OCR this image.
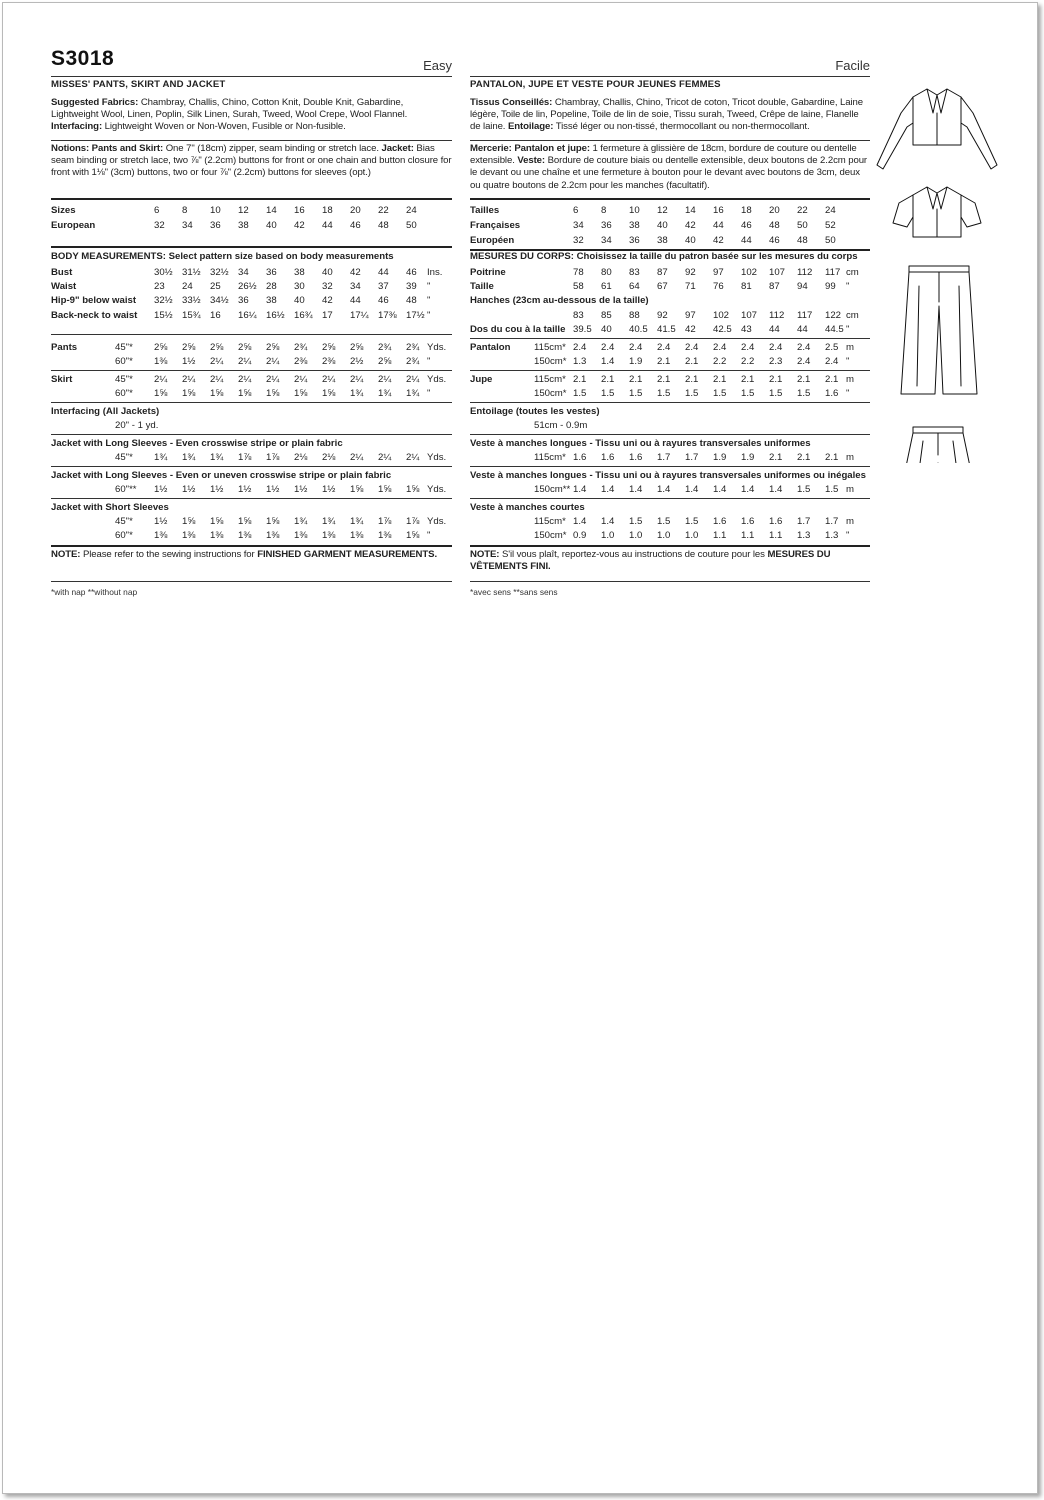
S3018	Easy
MISSES' PANTS, SKIRT AND JACKET
Suggested Fabrics: Chambray, Challis, Chino, Cotton Knit, Double Knit, Gabardine, Lightweight Wool, Linen, Poplin, Silk Linen, Surah, Tweed, Wool Crepe, Wool Flannel. Interfacing: Lightweight Woven or Non-Woven, Fusible or Non-fusible.
Notions: Pants and Skirt: One 7" (18cm) zipper, seam binding or stretch lace. Jacket: Bias seam binding or stretch lace, two ⅞" (2.2cm) buttons for front or one chain and button closure for front with 1⅛" (3cm) buttons, two or four ⅞" (2.2cm) buttons for sleeves (opt.)
Sizes	6	8	10	12	14	16	18	20	22	24
European	32	34	36	38	40	42	44	46	48	50
BODY MEASUREMENTS: Select pattern size based on body measurements
Bust	30½ 31½ 32½ 34	36	38	40	42	44	46	Ins.
Waist	23	24	25	26½ 28	30	32	34	37	39	"
Hip-9" below waist 32½ 33½ 34½ 36	38	40	42	44	46	48	"
Back-neck to waist 15½ 15¾ 16	16¼ 16½ 16¾ 17	17¼ 17⅜ 17½ "
Pants	45"* 2⅝	2⅝	2⅝	2⅝	2⅝	2¾	2⅝	2⅝	2¾	2¾ Yds.
60"* 1⅜	1½	2¼	2¼	2¼	2⅜	2⅜	2½	2⅝	2¾ "
Skirt	45"* 2¼	2¼	2¼	2¼	2¼	2¼	2¼	2¼	2¼	2¼ Yds.
60"* 1⅝	1⅝	1⅝	1⅝	1⅝	1⅝	1⅝	1¾	1¾	1¾ "
Interfacing (All Jackets)
20" - 1 yd.
Jacket with Long Sleeves - Even crosswise stripe or plain fabric
45"* 1¾	1¾	1¾	1⅞	1⅞	2⅛	2⅛	2¼	2¼	2¼ Yds.
Jacket with Long Sleeves - Even or uneven crosswise stripe or plain fabric
60"** 1½	1½	1½	1½	1½	1½	1½	1⅝	1⅝	1⅝ Yds.
Jacket with Short Sleeves
45"* 1½	1⅝	1⅝	1⅝	1⅝	1¾	1¾	1¾	1⅞	1⅞ Yds.
60"* 1⅜	1⅜	1⅜	1⅜	1⅜	1⅜	1⅜	1⅜	1⅜	1⅝ "
NOTE: Please refer to the sewing instructions for FINISHED GARMENT MEASUREMENTS.
*with nap **without nap
Facile
PANTALON, JUPE ET VESTE POUR JEUNES FEMMES
Tissus Conseillés: Chambray, Challis, Chino, Tricot de coton, Tricot double, Gabardine, Laine légère, Toile de lin, Popeline, Toile de lin de soie, Tissu surah, Tweed, Crêpe de laine, Flanelle de laine. Entoilage: Tissé léger ou non-tissé, thermocollant ou non-thermocollant.
Mercerie: Pantalon et jupe: 1 fermeture à glissière de 18cm, bordure de couture ou dentelle extensible. Veste: Bordure de couture biais ou dentelle extensible, deux boutons de 2.2cm pour le devant ou une chaîne et une fermeture à bouton pour le devant avec boutons de 3cm, deux ou quatre boutons de 2.2cm pour les manches (facultatif).
Tailles	6	8	10	12	14	16	18	20	22	24
Françaises	34	36	38	40	42	44	46	48	50	52
Européen	32	34	36	38	40	42	44	46	48	50
MESURES DU CORPS: Choisissez la taille du patron basée sur les mesures du corps
Poitrine	78	80	83	87	92	97	102	107	112	117 cm
Taille	58	61	64	67	71	76	81	87	94	99	"
Hanches (23cm au-dessous de la taille)
83	85	88	92	97	102	107	112	117	122 cm
Dos du cou à la taille 39.5 40	40.5 41.5 42	42.5 43	44	44	44.5 "
Pantalon 115cm* 2.4	2.4	2.4	2.4	2.4	2.4	2.4	2.4	2.4	2.5 m
150cm* 1.3	1.4	1.9	2.1	2.1	2.2	2.2	2.3	2.4	2.4 "
Jupe	115cm* 2.1	2.1	2.1	2.1	2.1	2.1	2.1	2.1	2.1	2.1 m
150cm* 1.5	1.5	1.5	1.5	1.5	1.5	1.5	1.5	1.5	1.6 "
Entoilage (toutes les vestes)
51cm - 0.9m
Veste à manches longues - Tissu uni ou à rayures transversales uniformes
115cm* 1.6	1.6	1.6	1.7	1.7	1.9	1.9	2.1	2.1	2.1 m
Veste à manches longues - Tissu uni ou à rayures transversales uniformes ou inégales
150cm** 1.4	1.4	1.4	1.4	1.4	1.4	1.4	1.4	1.5	1.5 m
Veste à manches courtes
115cm* 1.4	1.4	1.5	1.5	1.5	1.6	1.6	1.6	1.7	1.7 m
150cm* 0.9	1.0	1.0	1.0	1.0	1.1	1.1	1.1	1.3	1.3 "
NOTE: S'il vous plaît, reportez-vous au instructions de couture pour les MESURES DU VÊTEMENTS FINI.
*avec sens **sans sens
